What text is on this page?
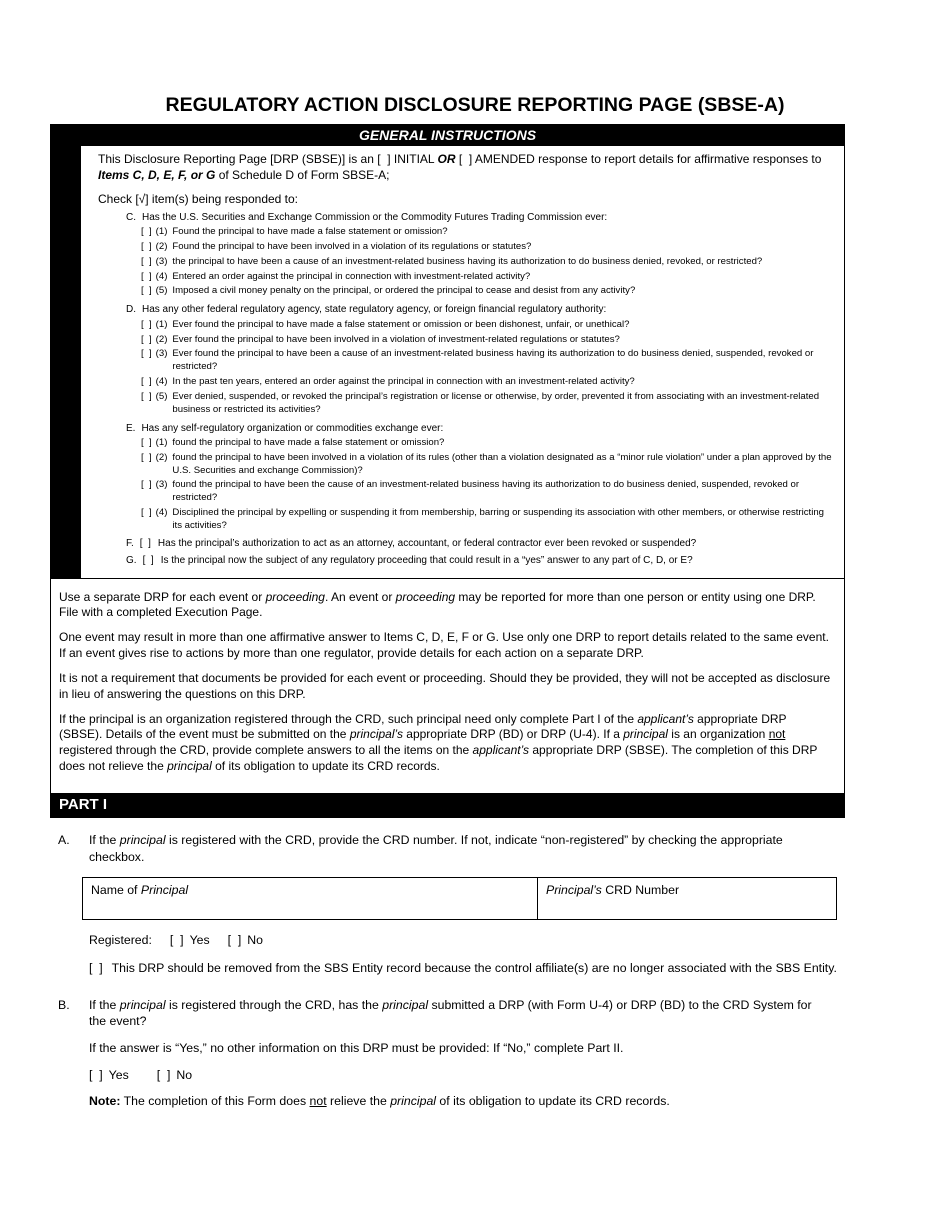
REGULATORY ACTION DISCLOSURE REPORTING PAGE (SBSE-A)
GENERAL INSTRUCTIONS

This Disclosure Reporting Page [DRP (SBSE)] is an [  ] INITIAL OR [  ] AMENDED response to report details for affirmative responses to Items C, D, E, F, or G of Schedule D of Form SBSE-A;

Check [√] item(s) being responded to:

C. Has the U.S. Securities and Exchange Commission or the Commodity Futures Trading Commission ever:
[  ] (1) Found the principal to have made a false statement or omission?
[  ] (2) Found the principal to have been involved in a violation of its regulations or statutes?
[  ] (3) the principal to have been a cause of an investment-related business having its authorization to do business denied, revoked, or restricted?
[  ] (4) Entered an order against the principal in connection with investment-related activity?
[  ] (5) Imposed a civil money penalty on the principal, or ordered the principal to cease and desist from any activity?
D. Has any other federal regulatory agency, state regulatory agency, or foreign financial regulatory authority:
[  ] (1) Ever found the principal to have made a false statement or omission or been dishonest, unfair, or unethical?
[  ] (2) Ever found the principal to have been involved in a violation of investment-related regulations or statutes?
[  ] (3) Ever found the principal to have been a cause of an investment-related business having its authorization to do business denied, suspended, revoked or restricted?
[  ] (4) In the past ten years, entered an order against the principal in connection with an investment-related activity?
[  ] (5) Ever denied, suspended, or revoked the principal’s registration or license or otherwise, by order, prevented it from associating with an investment-related business or restricted its activities?
E. Has any self-regulatory organization or commodities exchange ever:
[  ] (1) found the principal to have made a false statement or omission?
[  ] (2) found the principal to have been involved in a violation of its rules (other than a violation designated as a “minor rule violation” under a plan approved by the U.S. Securities and exchange Commission)?
[  ] (3) found the principal to have been the cause of an investment-related business having its authorization to do business denied, suspended, revoked or restricted?
[  ] (4) Disciplined the principal by expelling or suspending it from membership, barring or suspending its association with other members, or otherwise restricting its activities?
F. [  ] Has the principal’s authorization to act as an attorney, accountant, or federal contractor ever been revoked or suspended?
G. [  ] Is the principal now the subject of any regulatory proceeding that could result in a “yes” answer to any part of C, D, or E?

Use a separate DRP for each event or proceeding. An event or proceeding may be reported for more than one person or entity using one DRP. File with a completed Execution Page.

One event may result in more than one affirmative answer to Items C, D, E, F or G. Use only one DRP to report details related to the same event. If an event gives rise to actions by more than one regulator, provide details for each action on a separate DRP.

It is not a requirement that documents be provided for each event or proceeding. Should they be provided, they will not be accepted as disclosure in lieu of answering the questions on this DRP.

If the principal is an organization registered through the CRD, such principal need only complete Part I of the applicant’s appropriate DRP (SBSE). Details of the event must be submitted on the principal’s appropriate DRP (BD) or DRP (U-4). If a principal is an organization not registered through the CRD, provide complete answers to all the items on the applicant’s appropriate DRP (SBSE). The completion of this DRP does not relieve the principal of its obligation to update its CRD records.

PART I
A.	If the principal is registered with the CRD, provide the CRD number. If not, indicate “non-registered” by checking the appropriate checkbox.

Name of Principal	Principal’s CRD Number
Registered: [  ] Yes [  ] No
[  ] This DRP should be removed from the SBS Entity record because the control affiliate(s) are no longer associated with the SBS Entity.
B.	If the principal is registered through the CRD, has the principal submitted a DRP (with Form U-4) or DRP (BD) to the CRD System for the event?

If the answer is “Yes,” no other information on this DRP must be provided: If “No,” complete Part II.

[  ] Yes [  ] No

Note: The completion of this Form does not relieve the principal of its obligation to update its CRD records.
